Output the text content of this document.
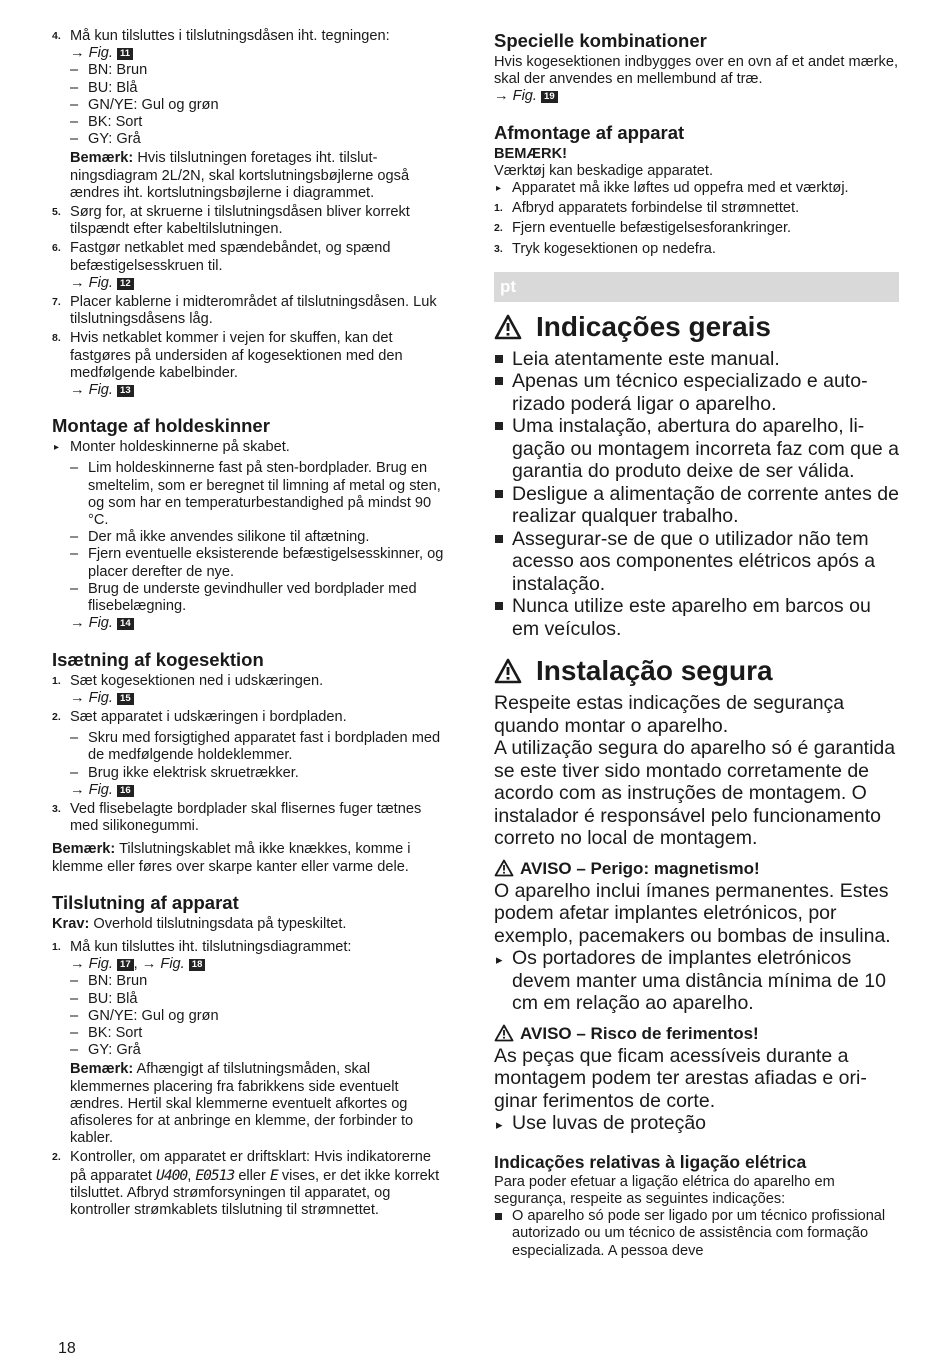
4. Må kun tilsluttes i tilslutningsdåsen iht. tegningen:
→ Fig. 11
– BN: Brun
– BU: Blå
– GN/YE: Gul og grøn
– BK: Sort
– GY: Grå
Bemærk: Hvis tilslutningen foretages iht. tilslutningsdiagram 2L/2N, skal kortslutningsbøjlerne også ændres iht. kortslutningsbøjlerne i diagrammet.
5. Sørg for, at skruerne i tilslutningsdåsen bliver korrekt tilspændt efter kabeltilslutningen.
6. Fastgør netkablet med spændebåndet, og spænd befæstigelsesskruen til.
→ Fig. 12
7. Placer kablerne i midterområdet af tilslutningsdåsen. Luk tilslutningsdåsens låg.
8. Hvis netkablet kommer i vejen for skuffen, kan det fastgøres på undersiden af kogesektionen med den medfølgende kabelbinder.
→ Fig. 13
Montage af holdeskinner
▸ Monter holdeskinnerne på skabet.
– Lim holdeskinnerne fast på sten-bordplader. Brug en smeltelim, som er beregnet til limning af metal og sten, og som har en temperaturbestandighed på mindst 90 °C.
– Der må ikke anvendes silikone til aftætning.
– Fjern eventuelle eksisterende befæstigelsesskinner, og placer derefter de nye.
– Brug de underste gevindhuller ved bordplader med flisebelægning.
→ Fig. 14
Isætning af kogesektion
1. Sæt kogesektionen ned i udskæringen.
→ Fig. 15
2. Sæt apparatet i udskæringen i bordpladen.
– Skru med forsigtighed apparatet fast i bordpladen med de medfølgende holdeklemmer.
– Brug ikke elektrisk skruetrækker.
→ Fig. 16
3. Ved flisebelagte bordplader skal flisernes fuger tætnes med silikonegummi.
Bemærk: Tilslutningskablet må ikke knækkes, komme i klemme eller føres over skarpe kanter eller varme dele.
Tilslutning af apparat
Krav: Overhold tilslutningsdata på typeskiltet.
1. Må kun tilsluttes iht. tilslutningsdiagrammet:
→ Fig. 17 , → Fig. 18
– BN: Brun
– BU: Blå
– GN/YE: Gul og grøn
– BK: Sort
– GY: Grå
Bemærk: Afhængigt af tilslutningsmåden, skal klemmernes placering fra fabrikkens side eventuelt ændres. Hertil skal klemmerne eventuelt afkortes og afisoleres for at anbringe en klemme, der forbinder to kabler.
2. Kontroller, om apparatet er driftsklart: Hvis indikatorerne på apparatet U400, E0513 eller E vises, er det ikke korrekt tilsluttet. Afbryd strømforsyningen til apparatet, og kontroller strømkablets tilslutning til strømnettet.
Specielle kombinationer
Hvis kogesektionen indbygges over en ovn af et andet mærke, skal der anvendes en mellembund af træ.
→ Fig. 19
Afmontage af apparat
BEMÆRK!
Værktøj kan beskadige apparatet.
▸ Apparatet må ikke løftes ud oppefra med et værktøj.
1. Afbryd apparatets forbindelse til strømnettet.
2. Fjern eventuelle befæstigelsesforankringer.
3. Tryk kogesektionen op nedefra.
pt
Indicações gerais
Leia atentamente este manual.
Apenas um técnico especializado e autorizado poderá ligar o aparelho.
Uma instalação, abertura do aparelho, ligação ou montagem incorreta faz com que a garantia do produto deixe de ser válida.
Desligue a alimentação de corrente antes de realizar qualquer trabalho.
Assegurar-se de que o utilizador não tem acesso aos componentes elétricos após a instalação.
Nunca utilize este aparelho em barcos ou em veículos.
Instalação segura
Respeite estas indicações de segurança quando montar o aparelho.
A utilização segura do aparelho só é garantida se este tiver sido montado corretamente de acordo com as instruções de montagem. O instalador é responsável pelo funcionamento correto no local de montagem.
AVISO – Perigo: magnetismo!
O aparelho inclui ímanes permanentes. Estes podem afetar implantes eletrónicos, por exemplo, pacemakers ou bombas de insulina.
▸ Os portadores de implantes eletrónicos devem manter uma distância mínima de 10 cm em relação ao aparelho.
AVISO – Risco de ferimentos!
As peças que ficam acessíveis durante a montagem podem ter arestas afiadas e originar ferimentos de corte.
▸ Use luvas de proteção
Indicações relativas à ligação elétrica
Para poder efetuar a ligação elétrica do aparelho em segurança, respeite as seguintes indicações:
O aparelho só pode ser ligado por um técnico profissional autorizado ou um técnico de assistência com formação especializada. A pessoa deve
18
